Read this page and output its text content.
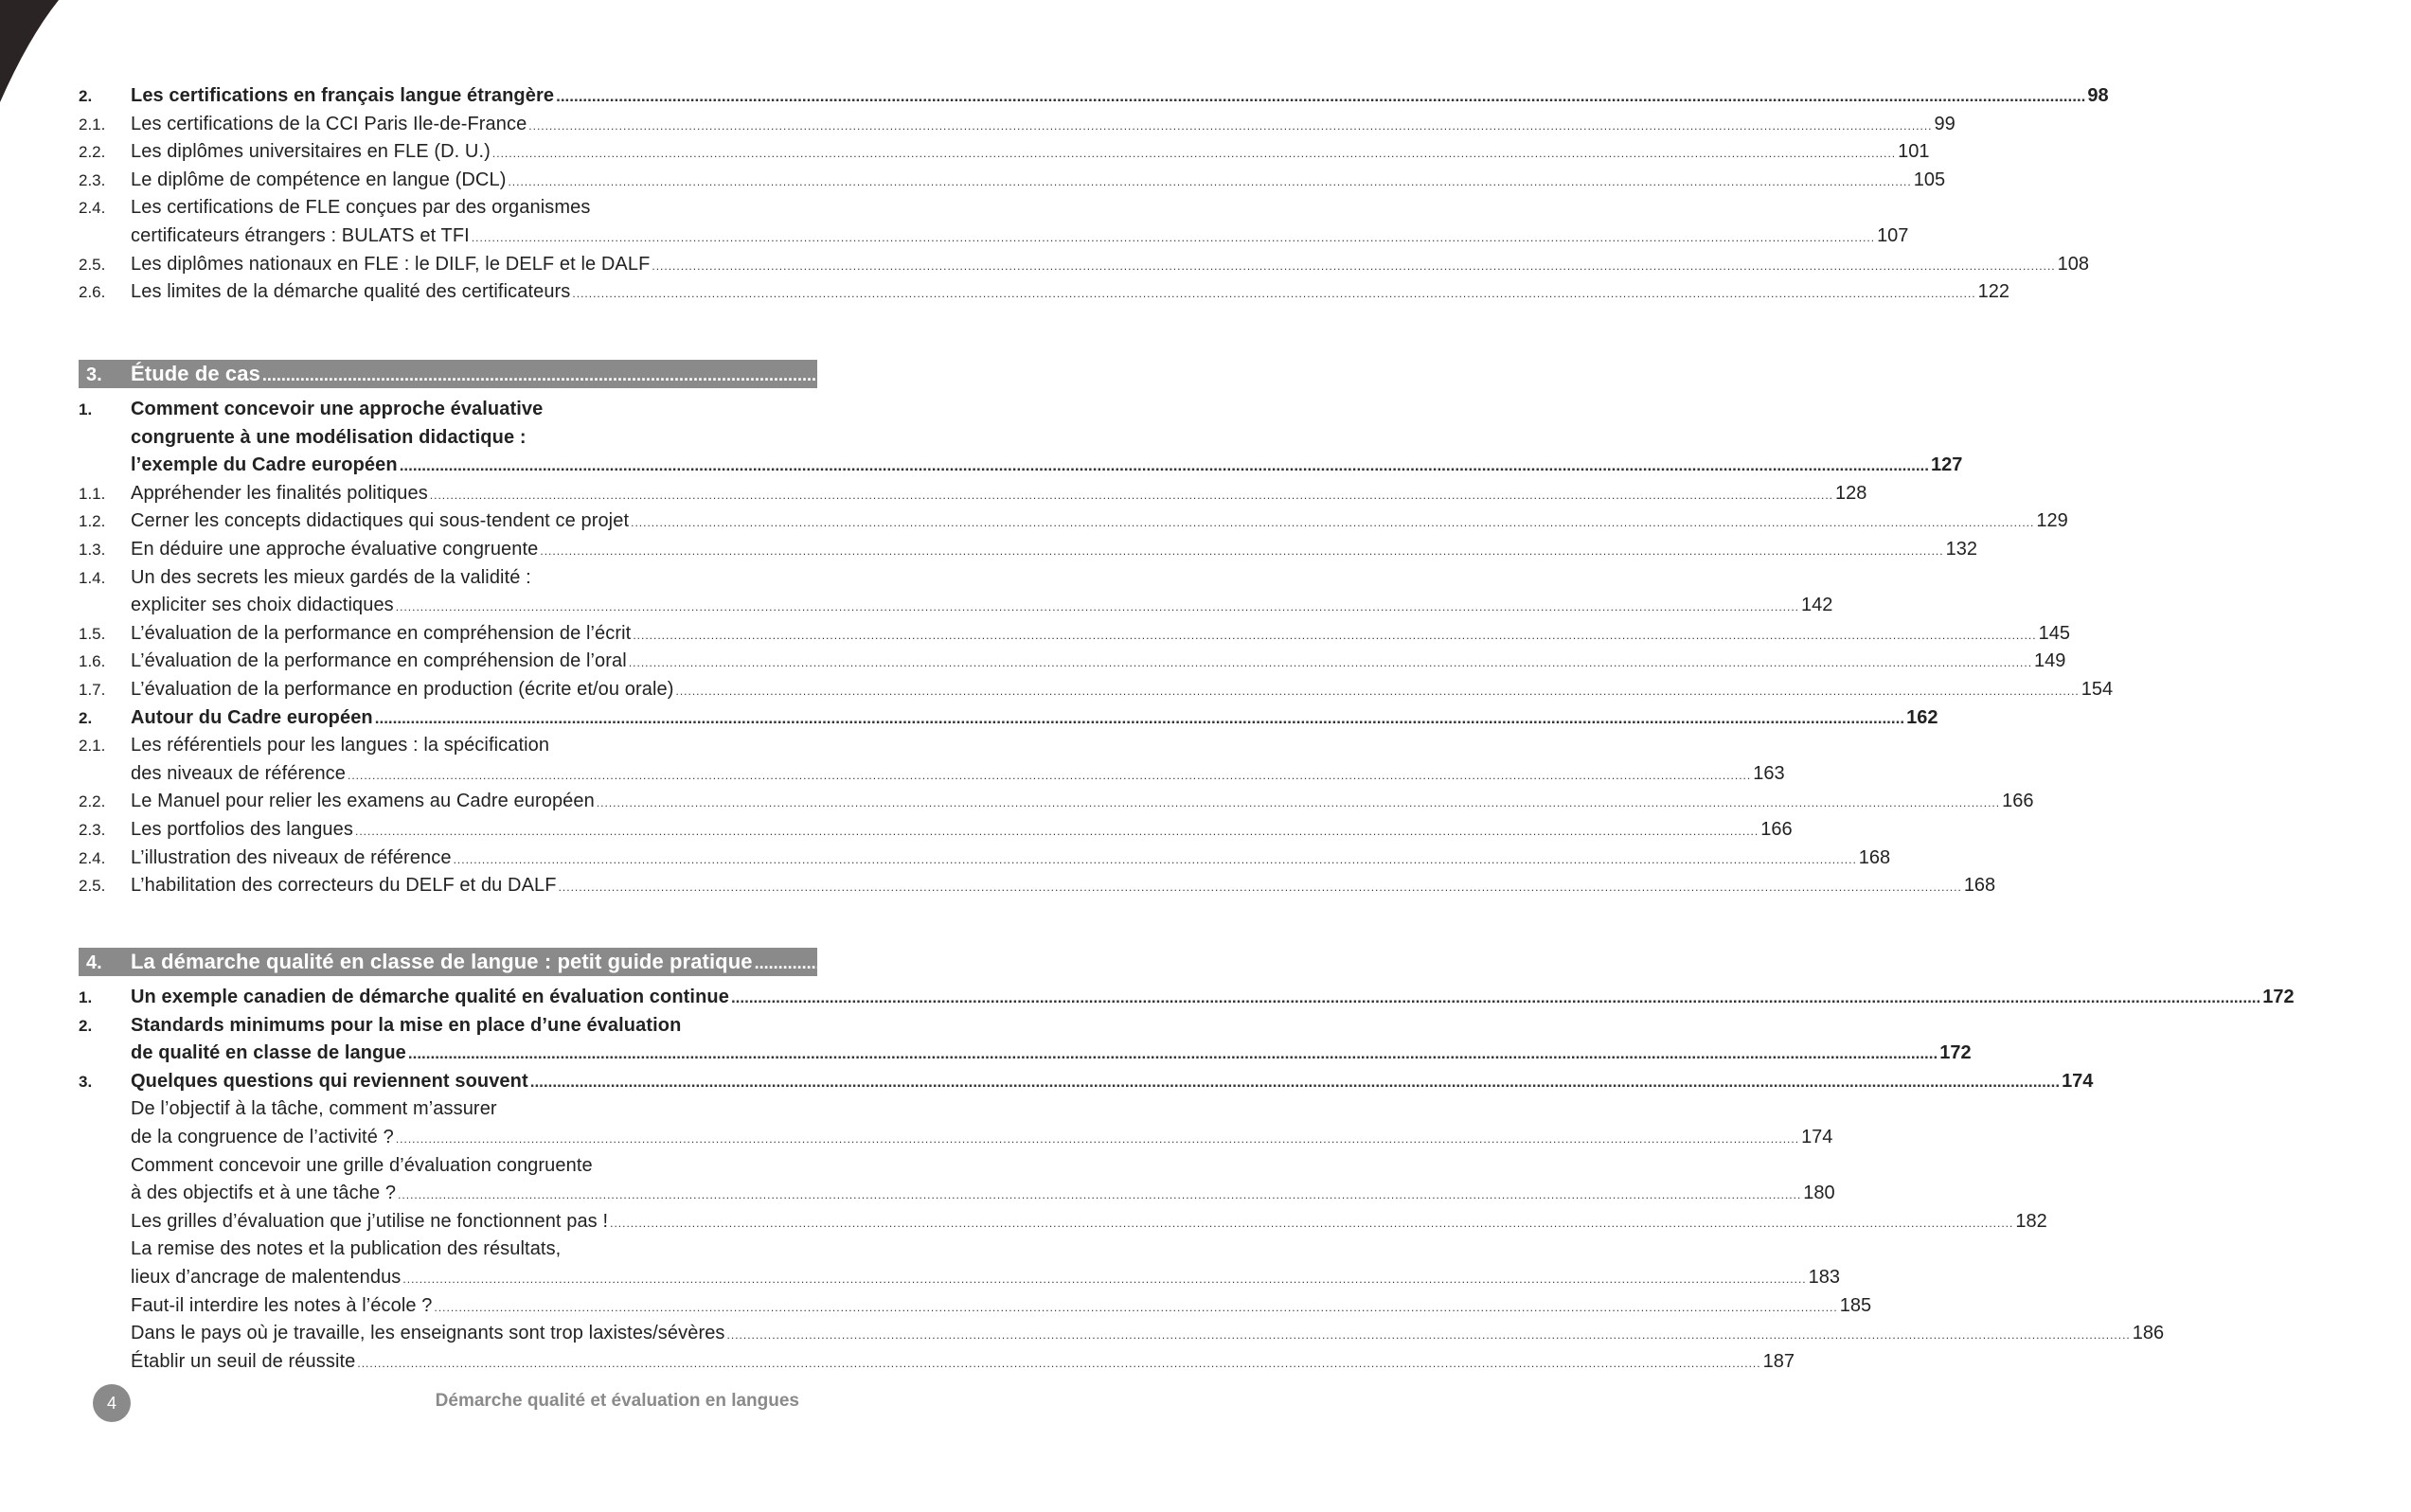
2.	Les certifications en français langue étrangère .....	98
2.1.	Les certifications de la CCI Paris Ile-de-France .....	99
2.2.	Les diplômes universitaires en FLE (D. U.) .....	101
2.3.	Le diplôme de compétence en langue (DCL) .....	105
2.4.	Les certifications de FLE conçues par des organismes
certificateurs étrangers : BULATS et TFI .....	107
2.5.	Les diplômes nationaux en FLE : le DILF, le DELF et le DALF .....	108
2.6.	Les limites de la démarche qualité des certificateurs .....	122
3.	Étude de cas .....	127
1.	Comment concevoir une approche évaluative
congruente à une modélisation didactique :
l’exemple du Cadre européen .....	127
1.1.	Appréhender les finalités politiques .....	128
1.2.	Cerner les concepts didactiques qui sous-tendent ce projet .....	129
1.3.	En déduire une approche évaluative congruente .....	132
1.4.	Un des secrets les mieux gardés de la validité :
expliciter ses choix didactiques .....	142
1.5.	L’évaluation de la performance en compréhension de l’écrit .....	145
1.6.	L’évaluation de la performance en compréhension de l’oral .....	149
1.7.	L’évaluation de la performance en production (écrite et/ou orale) .....	154
2.	Autour du Cadre européen .....	162
2.1.	Les référentiels pour les langues : la spécification
des niveaux de référence .....	163
2.2.	Le Manuel pour relier les examens au Cadre européen .....	166
2.3.	Les portfolios des langues .....	166
2.4.	L’illustration des niveaux de référence .....	168
2.5.	L’habilitation des correcteurs du DELF et du DALF .....	168
4.	La démarche qualité en classe de langue : petit guide pratique .....	171
1.	Un exemple canadien de démarche qualité en évaluation continue .....	172
2.	Standards minimums pour la mise en place d’une évaluation
de qualité en classe de langue .....	172
3.	Quelques questions qui reviennent souvent .....	174
De l’objectif à la tâche, comment m’assurer
de la congruence de l’activité ? .....	174
Comment concevoir une grille d’évaluation congruente
à des objectifs et à une tâche ? .....	180
Les grilles d’évaluation que j’utilise ne fonctionnent pas ! .....	182
La remise des notes et la publication des résultats,
lieux d’ancrage de malentendus .....	183
Faut-il interdire les notes à l’école ? .....	185
Dans le pays où je travaille, les enseignants sont trop laxistes/sévères .....	186
Établir un seuil de réussite .....	187
4	Démarche qualité et évaluation en langues
